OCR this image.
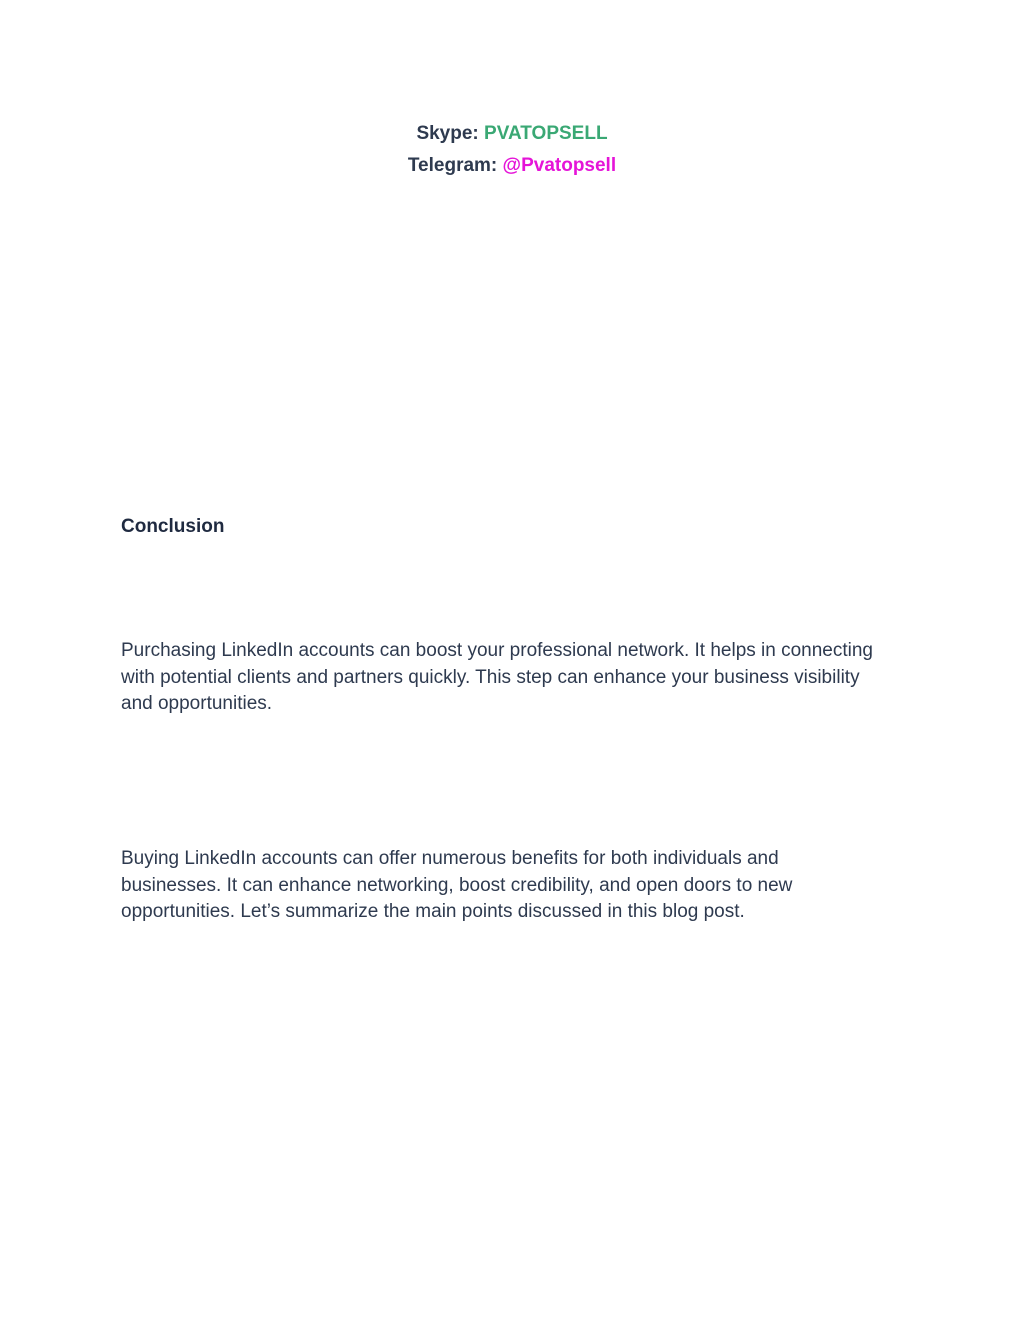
Skype: PVATOPSELL

Telegram: @Pvatopsell

Conclusion

Purchasing LinkedIn accounts can boost your professional network. It helps in connecting with potential clients and partners quickly. This step can enhance your business visibility and opportunities.

Buying LinkedIn accounts can offer numerous benefits for both individuals and businesses. It can enhance networking, boost credibility, and open doors to new opportunities. Let’s summarize the main points discussed in this blog post.
